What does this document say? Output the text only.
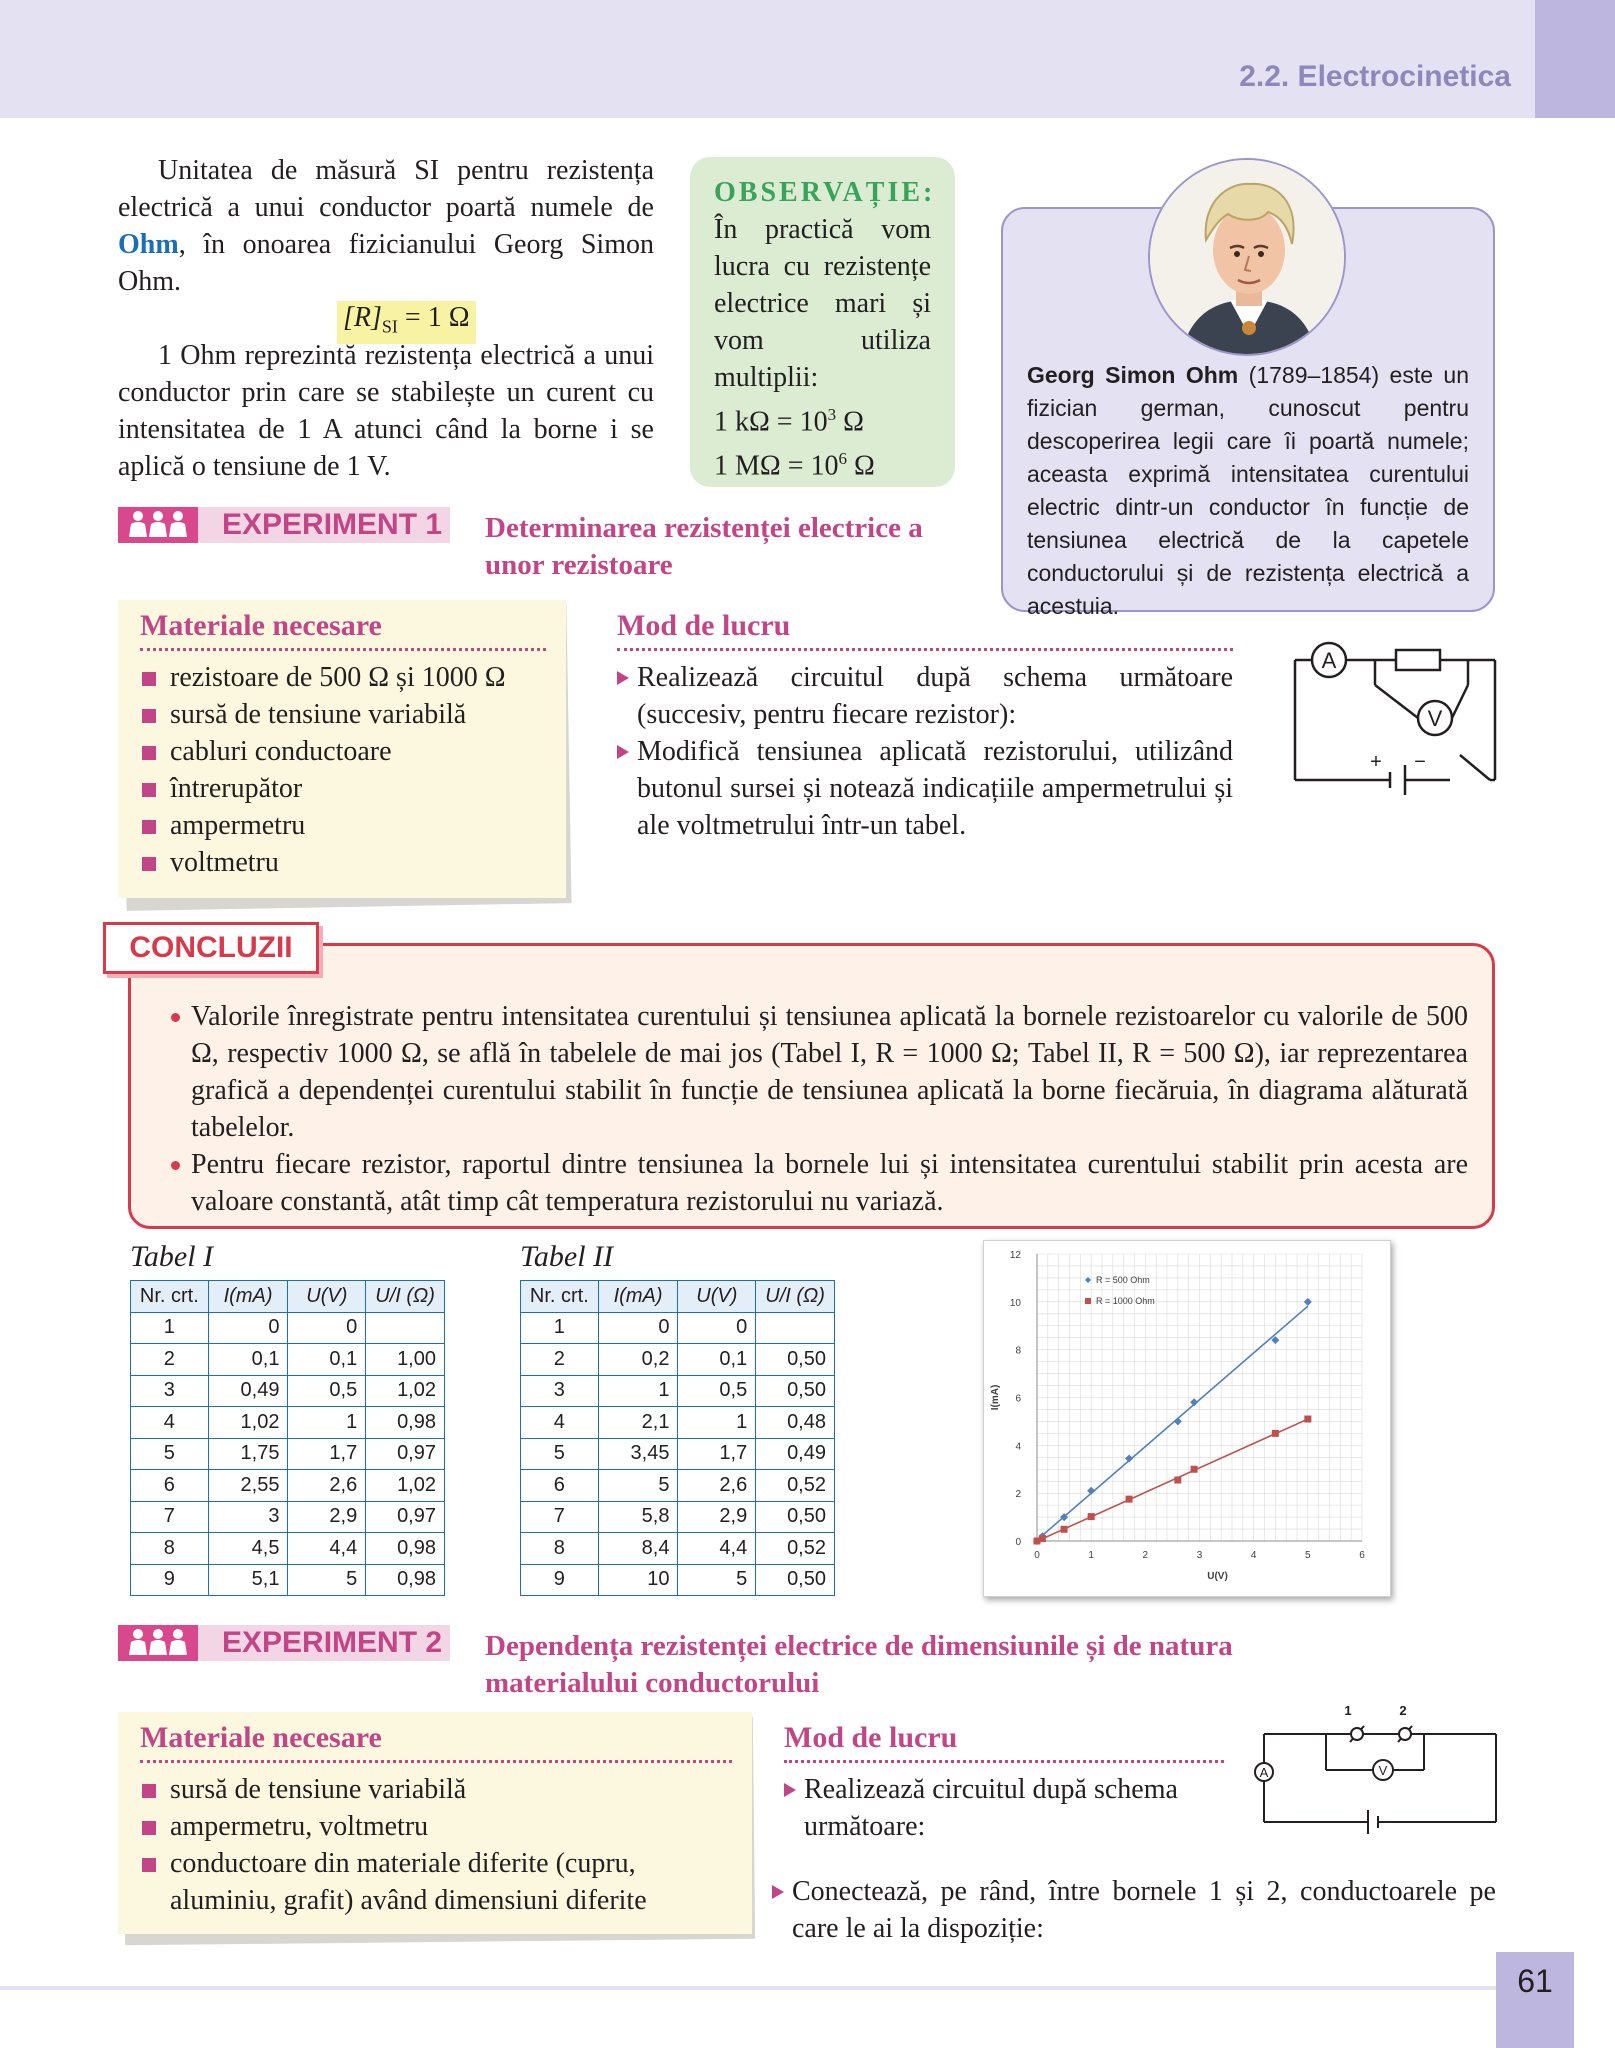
2.2. Electrocinetica
Unitatea de măsură SI pentru rezistența electrică a unui conductor poartă numele de Ohm, în onoarea fizicianului Georg Simon Ohm.
$[R]_{SI} = 1$ Ω
1 Ohm reprezintă rezistența electrică a unui conductor prin care se stabilește un curent cu intensitatea de 1 A atunci când la borne i se aplică o tensiune de 1 V.
OBSERVAȚIE:
În practică vom lucra cu rezistențe electrice mari și vom utiliza multiplii:
1 $k\Omega = 10^3$ Ω
1 $M\Omega = 10^6$ Ω
Georg Simon Ohm (1789–1854) este un fizician german, cunoscut pentru descoperirea legii care îi poartă numele; aceasta exprimă intensitatea curentului electric dintr-un conductor în funcție de tensiunea electrică de la capetele conductorului și de rezistența electrică a acestuia.
EXPERIMENT 1 Determinarea rezistenței electrice a unor rezistoare
Materiale necesare
rezistoare de 500 Ω și 1000 Ω
sursă de tensiune variabilă
cabluri conductoare
întrerupător
ampermetru
voltmetru
Mod de lucru
Realizează circuitul după schema următoare (succesiv, pentru fiecare rezistor):
Modifică tensiunea aplicată rezistorului, utilizând butonul sursei și notează indicațiile ampermetrului și ale voltmetrului într-un tabel.
A
V
+ −
Valorile înregistrate pentru intensitatea curentului și tensiunea aplicată la bornele rezistoarelor cu valorile de 500 Ω, respectiv 1000 Ω, se află în tabelele de mai jos (Tabel I, R = 1000 Ω; Tabel II, R = 500 Ω), iar reprezentarea grafică a dependenței curentului stabilit în funcție de tensiunea aplicată la borne fiecăruia, în diagrama alăturată tabelelor.
Pentru fiecare rezistor, raportul dintre tensiunea la bornele lui și intensitatea curentului stabilit prin acesta are valoare constantă, atât timp cât temperatura rezistorului nu variază.
CONCLUZII
Tabel I
Nr. crt.	I(mA)	U(V)	U/I (Ω)
1	0	0	
2	0,1	0,1	1,00
3	0,49	0,5	1,02
4	1,02	1	0,98
5	1,75	1,7	0,97
6	2,55	2,6	1,02
7	3	2,9	0,97
8	4,5	4,4	0,98
9	5,1	5	0,98
Tabel II
Nr. crt.	I(mA)	U(V)	U/I (Ω)
1	0	0	
2	0,2	0,1	0,50
3	1	0,5	0,50
4	2,1	1	0,48
5	3,45	1,7	0,49
6	5	2,6	0,52
7	5,8	2,9	0,50
8	8,4	4,4	0,52
9	10	5	0,50
0	1	2	3	4	5	6
0
2
4
6
8
10
12
U(V)
I(mA)
R = 500 Ohm
R = 1000 Ohm
EXPERIMENT 2 Dependența rezistenței electrice de dimensiunile și de natura materialului conductorului
Materiale necesare
sursă de tensiune variabilă
ampermetru, voltmetru
conductoare din materiale diferite (cupru, aluminiu, grafit) având dimensiuni diferite
Mod de lucru
Realizează circuitul după schema următoare:
Conectează, pe rând, între bornele 1 și 2, conductoarele pe care le ai la dispoziție:
A	V
1	2
61
